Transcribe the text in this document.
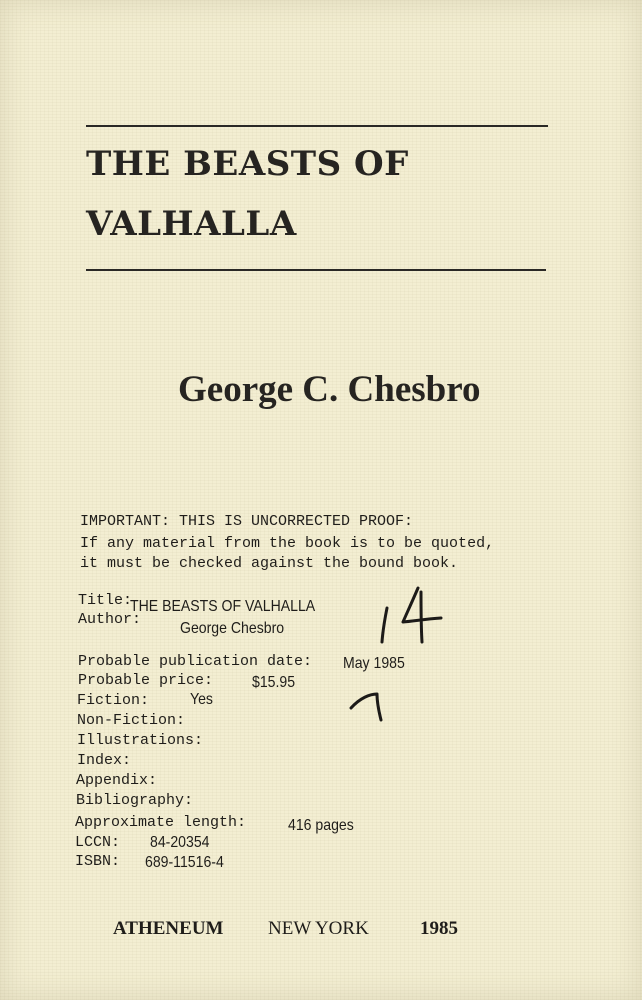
THE BEASTS OF
VALHALLA
George C. Chesbro
IMPORTANT: THIS IS UNCORRECTED PROOF:
If any material from the book is to be quoted,
it must be checked against the bound book.
Title:
Author:
Probable publication date:
Probable price:
Fiction:
Non-Fiction:
Illustrations:
Index:
Appendix:
Bibliography:
Approximate length:
LCCN:
ISBN:
THE BEASTS OF VALHALLA
George Chesbro
May 1985
$15.95
Yes
416 pages
84-20354
689-11516-4
ATHENEUM NEW YORK	1985
